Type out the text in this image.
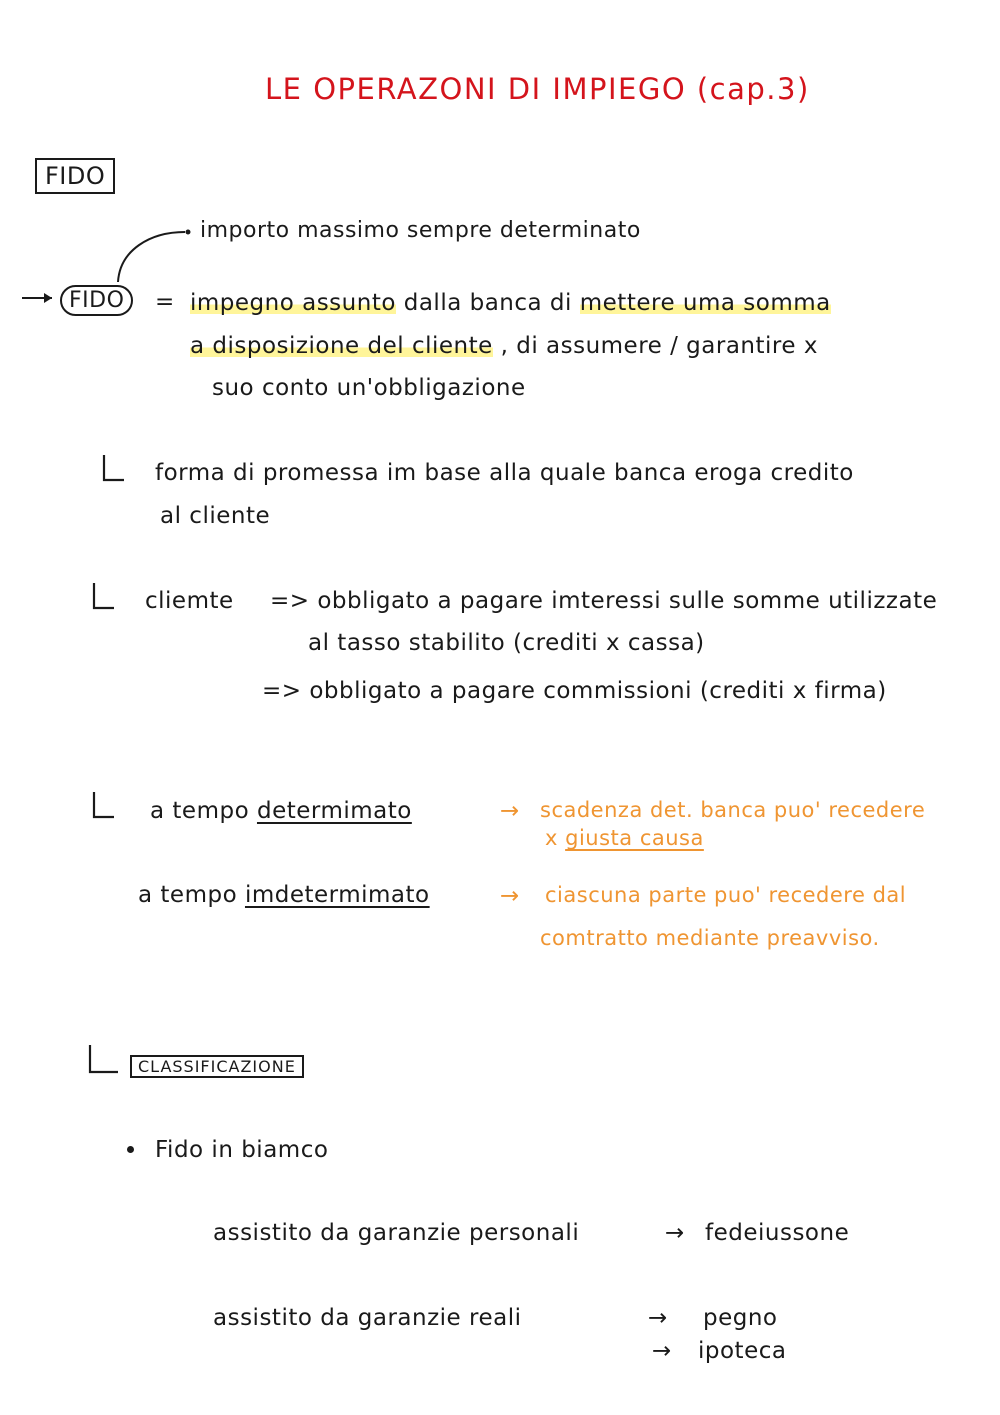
LE OPERAZONI DI IMPIEGO (cap.3)
FIDO
importo massimo sempre determinato
FIDO	= impegno assunto dalla banca di mettere uma somma
a disposizione del cliente , di assumere / garantire x
suo conto un'obbligazione
forma di promessa im base alla quale banca eroga credito
al cliente
cliemte => obbligato a pagare imteressi sulle somme utilizzate
al tasso stabilito (crediti x cassa)
=> obbligato a pagare commissioni (crediti x firma)
a tempo determimato	→ scadenza det. banca puo' recedere
x giusta causa
a tempo imdetermimato	→ ciascuna parte puo' recedere dal
comtratto mediante preavviso.
CLASSIFICAZIONE
Fido in biamco
assistito da garanzie personali	→ fedeiussone
assistito da garanzie reali	→ pegno
→ ipoteca
